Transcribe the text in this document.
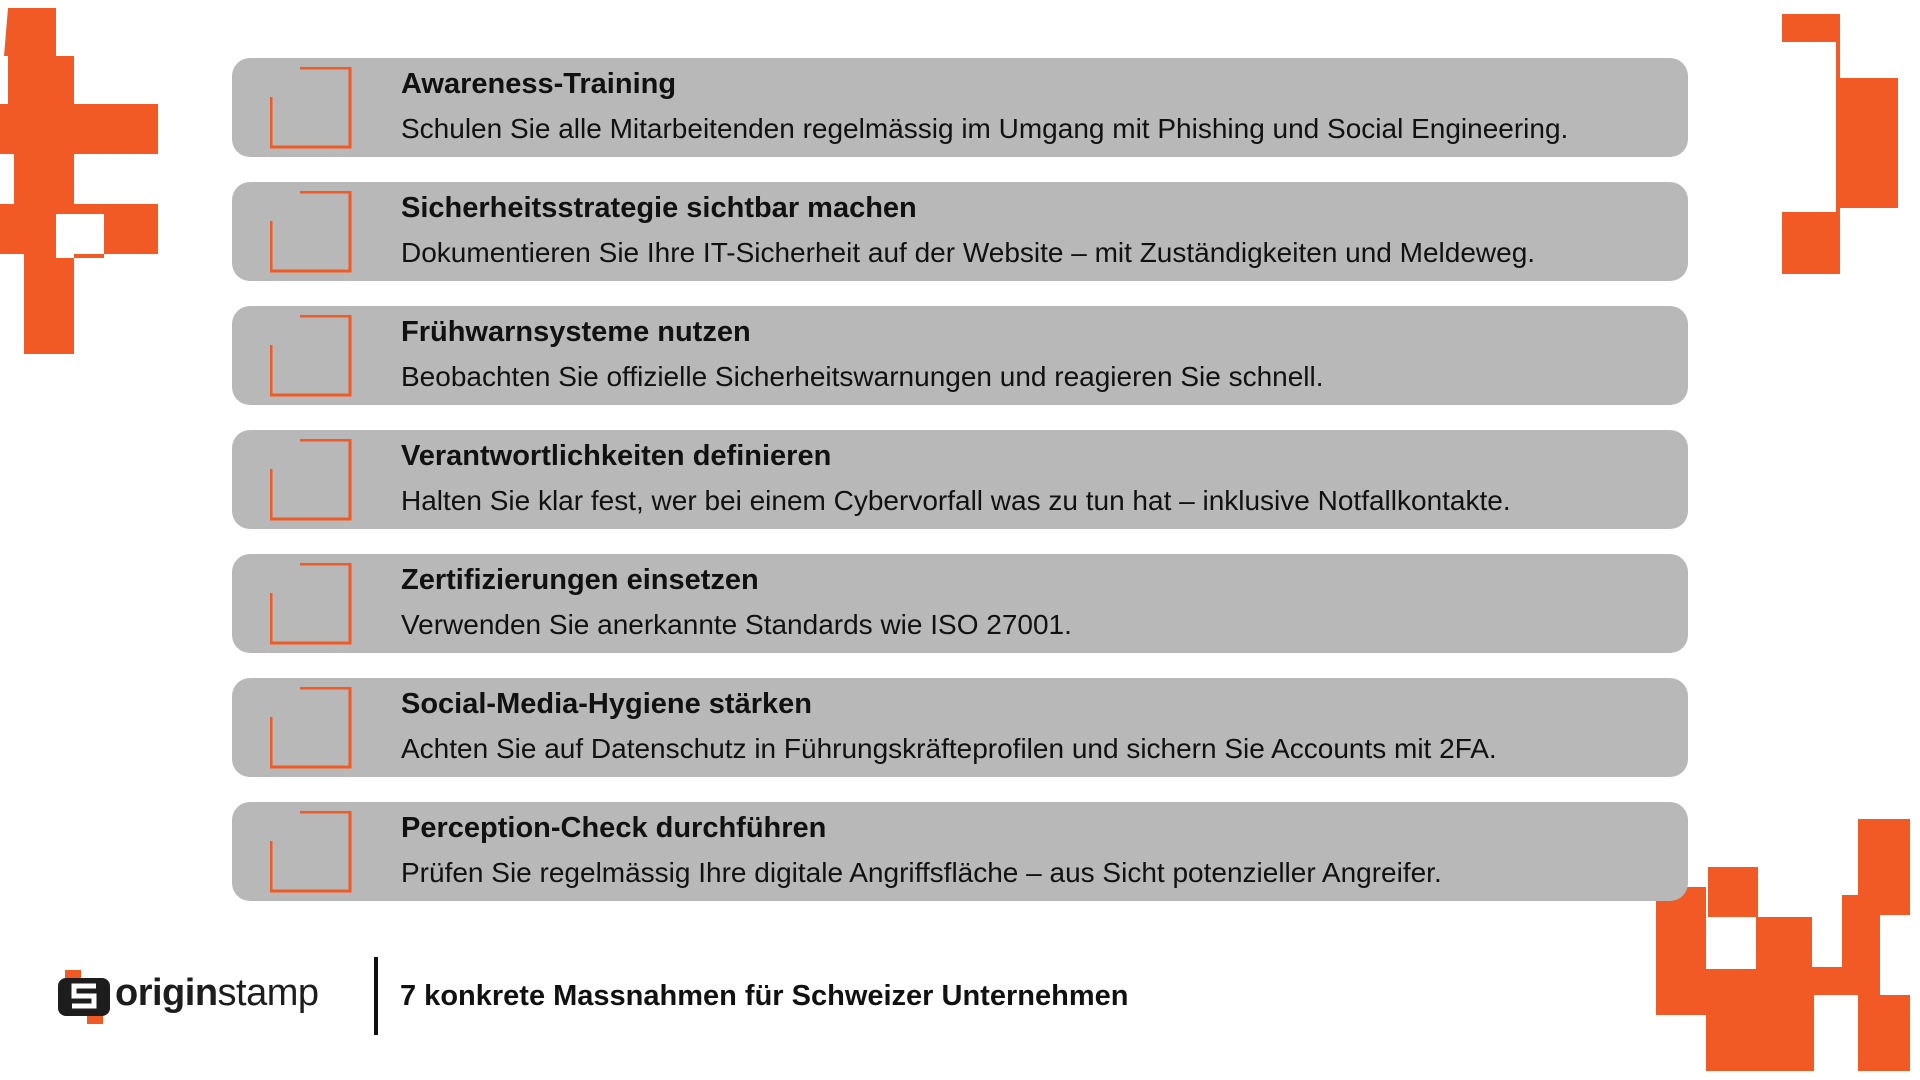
Awareness-Training
Schulen Sie alle Mitarbeitenden regelmässig im Umgang mit Phishing und Social Engineering.
Sicherheitsstrategie sichtbar machen
Dokumentieren Sie Ihre IT-Sicherheit auf der Website – mit Zuständigkeiten und Meldeweg.
Frühwarnsysteme nutzen
Beobachten Sie offizielle Sicherheitswarnungen und reagieren Sie schnell.
Verantwortlichkeiten definieren
Halten Sie klar fest, wer bei einem Cybervorfall was zu tun hat – inklusive Notfallkontakte.
Zertifizierungen einsetzen
Verwenden Sie anerkannte Standards wie ISO 27001.
Social-Media-Hygiene stärken
Achten Sie auf Datenschutz in Führungskräfteprofilen und sichern Sie Accounts mit 2FA.
Perception-Check durchführen
Prüfen Sie regelmässig Ihre digitale Angriffsfläche – aus Sicht potenzieller Angreifer.
originstamp	7 konkrete Massnahmen für Schweizer Unternehmen
